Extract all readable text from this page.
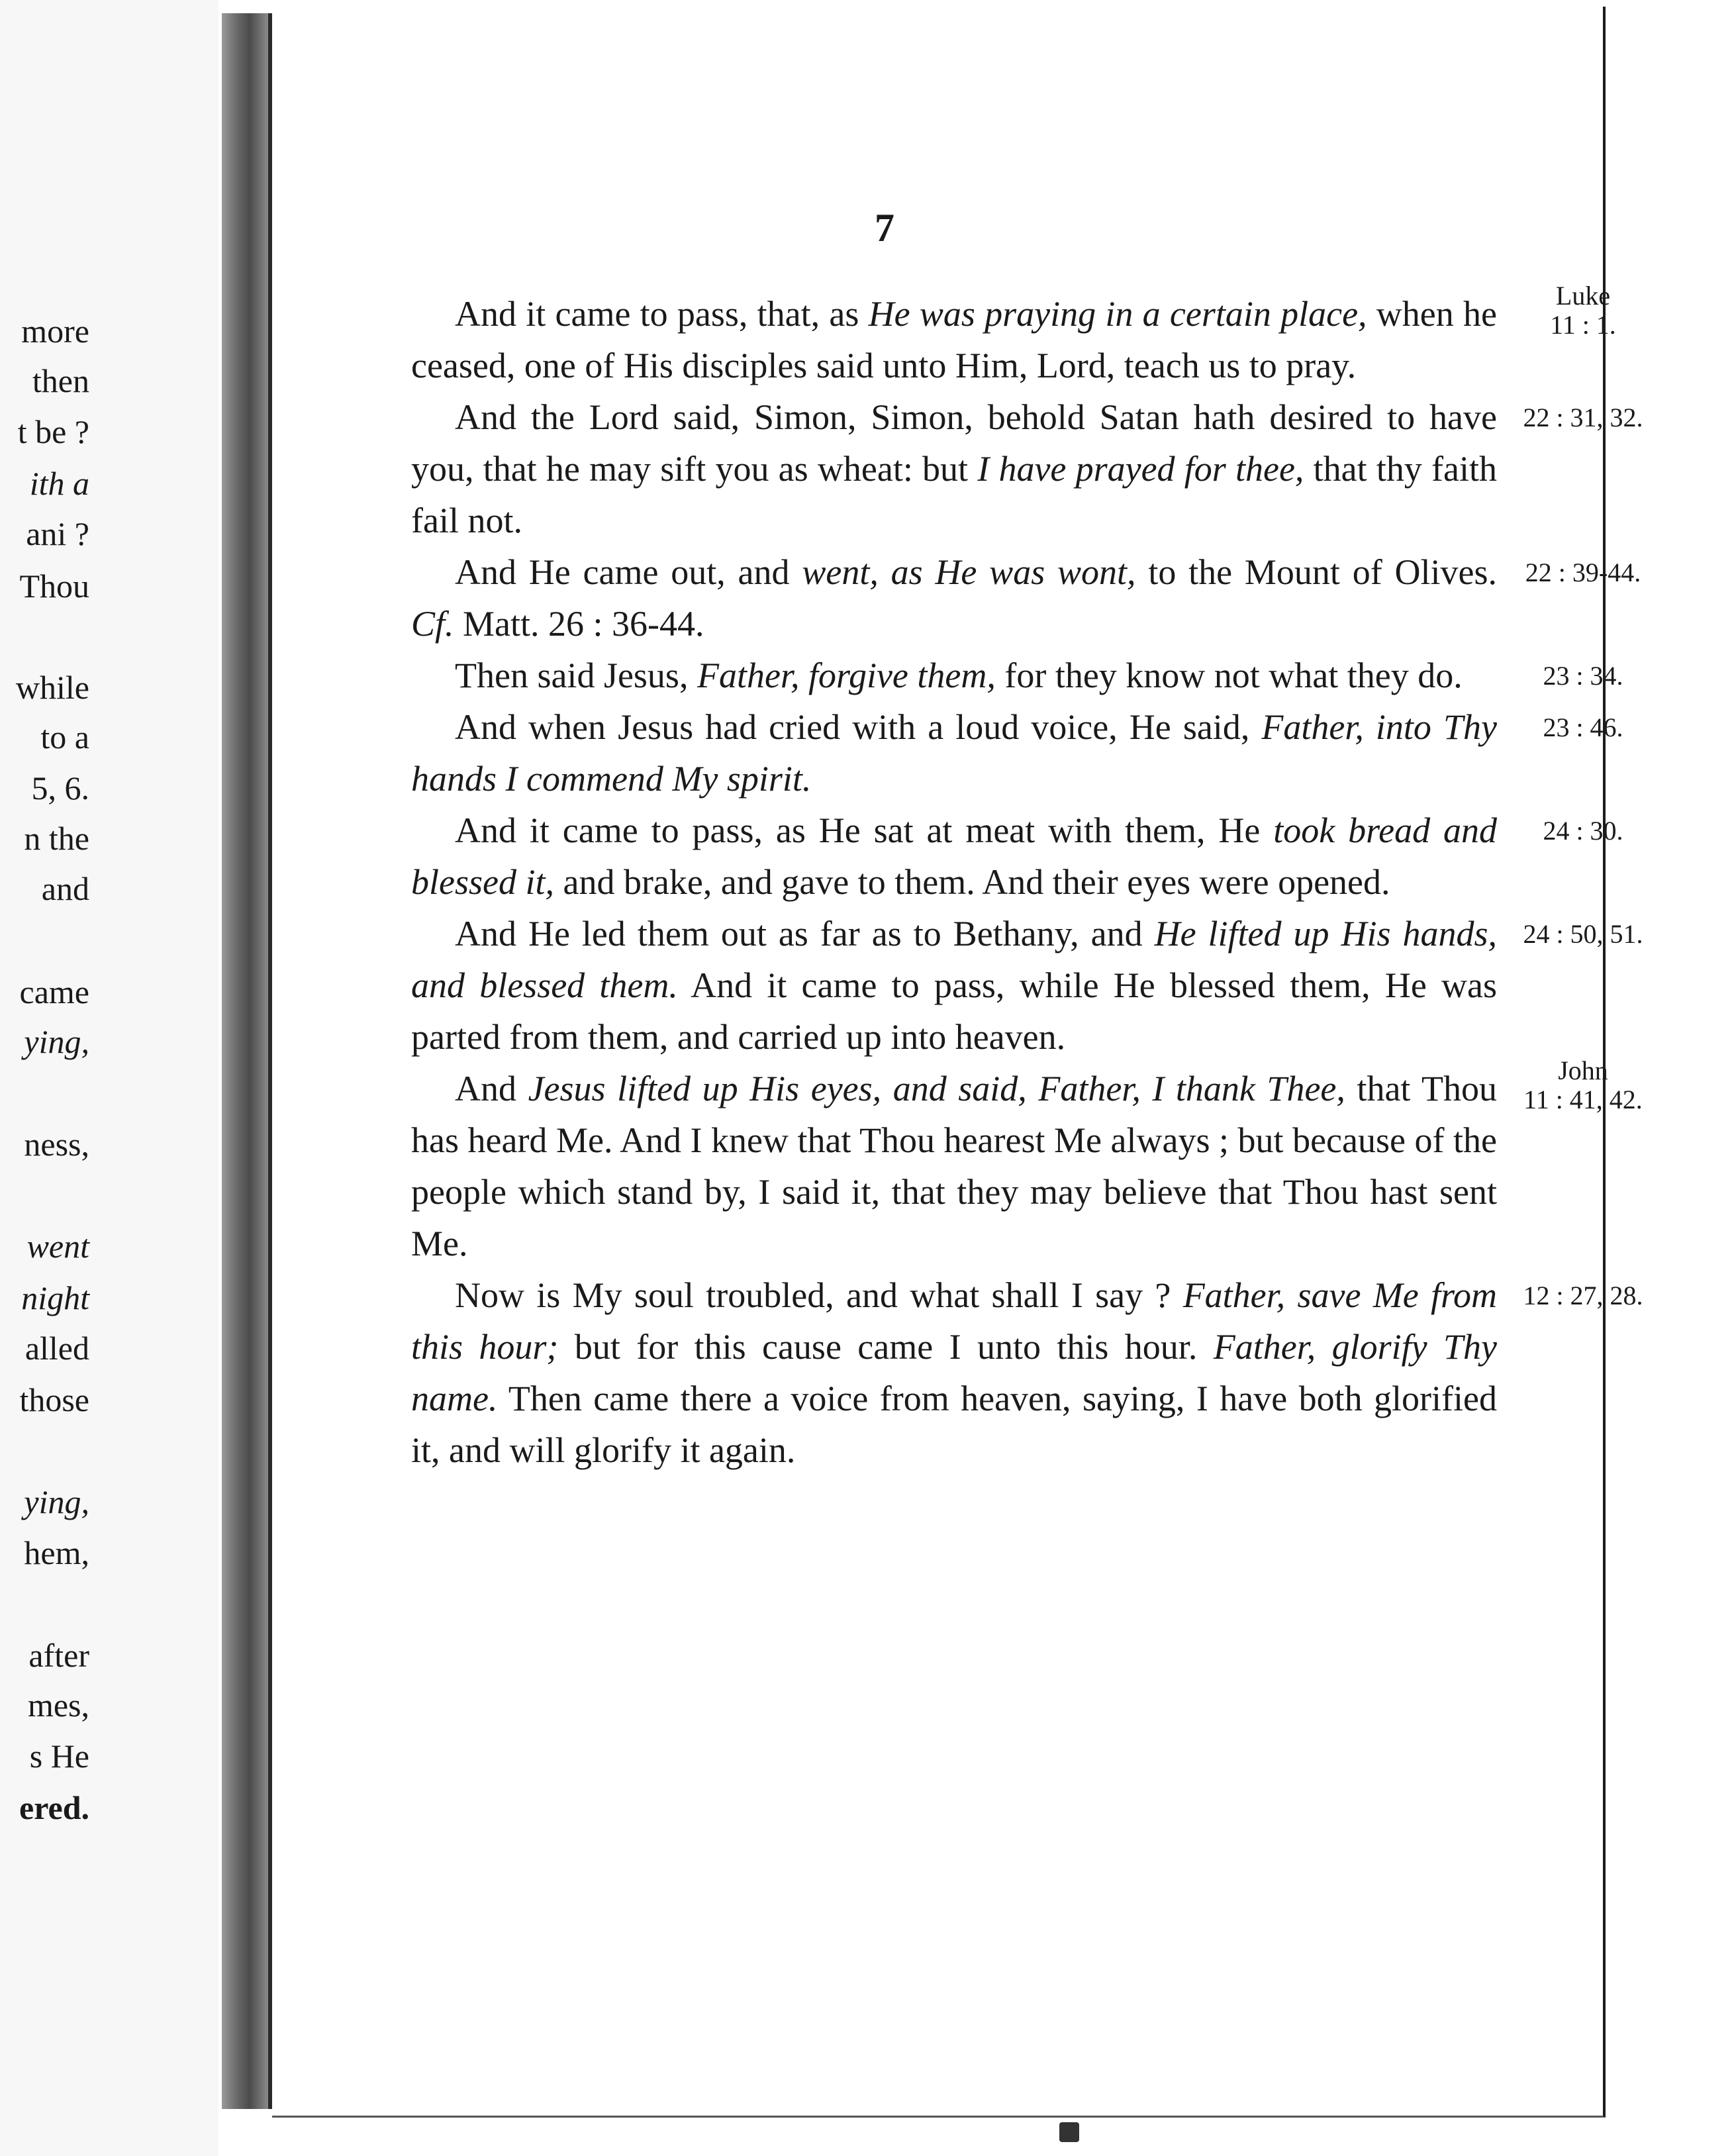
more
then
t be ?
ith a
ani ?
Thou
while
to a
5, 6.
n the
and
came
ying,
ness,
went
night
alled
those
ying,
hem,
after
mes,
s He
ered.
7

And it came to pass, that, as He was praying in a certain place, when he ceased, one of His disciples said unto Him, Lord, teach us to pray.

And the Lord said, Simon, Simon, behold Satan hath desired to have you, that he may sift you as wheat: but I have prayed for thee, that thy faith fail not.

And He came out, and went, as He was wont, to the Mount of Olives. Cf. Matt. 26 : 36-44.

Then said Jesus, Father, forgive them, for they know not what they do.

And when Jesus had cried with a loud voice, He said, Father, into Thy hands I commend My spirit.

And it came to pass, as He sat at meat with them, He took bread and blessed it, and brake, and gave to them. And their eyes were opened.

And He led them out as far as to Bethany, and He lifted up His hands, and blessed them. And it came to pass, while He blessed them, He was parted from them, and carried up into heaven.

And Jesus lifted up His eyes, and said, Father, I thank Thee, that Thou has heard Me. And I knew that Thou hearest Me always ; but because of the people which stand by, I said it, that they may believe that Thou hast sent Me.

Now is My soul troubled, and what shall I say ? Father, save Me from this hour; but for this cause came I unto this hour. Father, glorify Thy name. Then came there a voice from heaven, saying, I have both glorified it, and will glorify it again.

Luke
11 : 1.
22 : 31, 32.
22 : 39-44.
23 : 34.
23 : 46.
24 : 30.
24 : 50, 51.
John
11 : 41, 42.
12 : 27, 28.
